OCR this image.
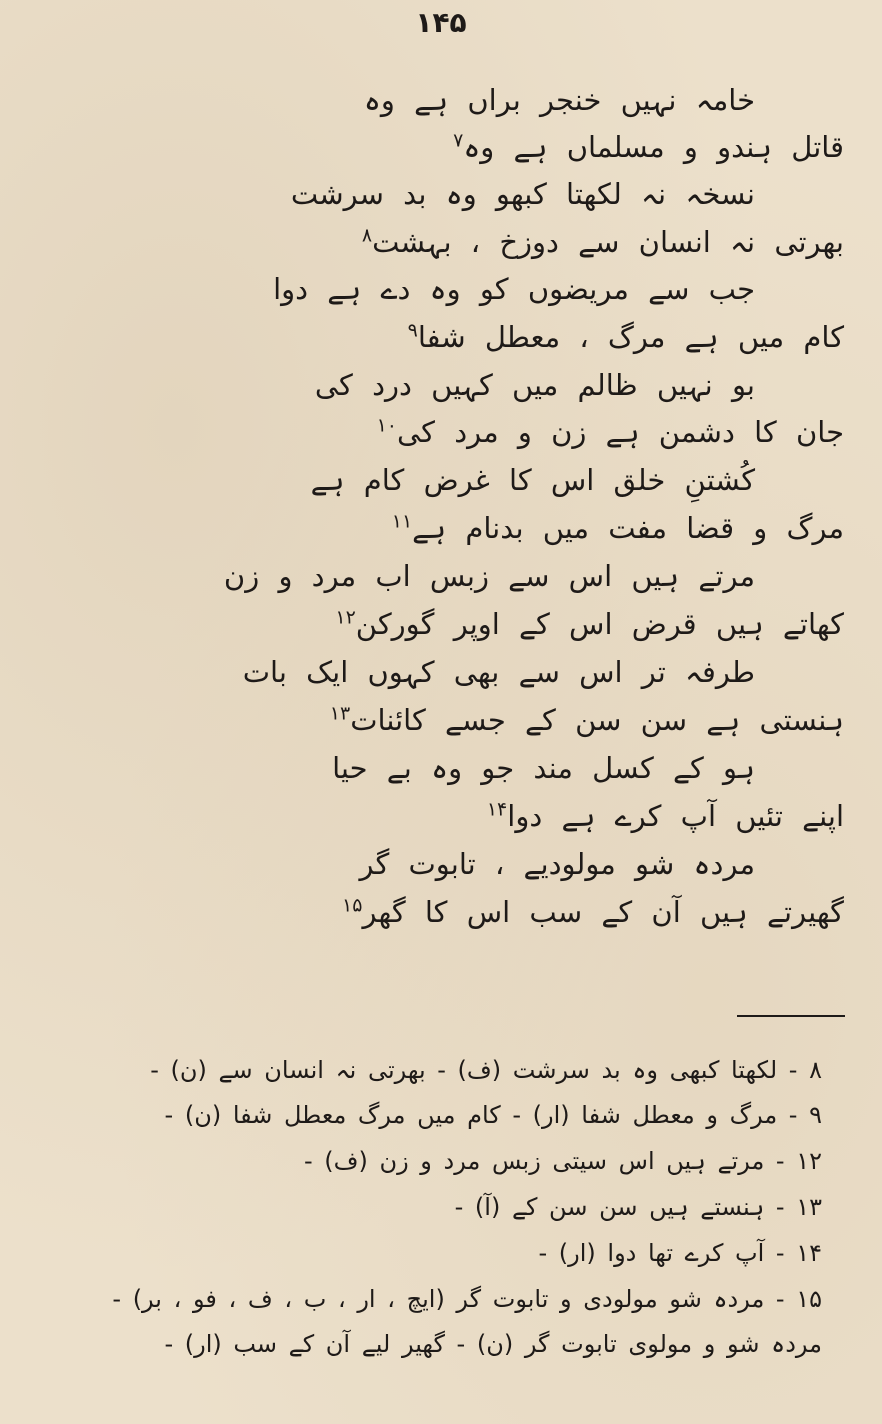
۱۴۵
خامہ نہیں خنجر براں ہے وہ
قاتل ہندو و مسلماں ہے وہ$^۷$
نسخہ نہ لکھتا کبھو وہ بد سرشت
بھرتی نہ انسان سے دوزخ ، بہشت$^۸$
جب سے مریضوں کو وہ دے ہے دوا
کام میں ہے مرگ ، معطل شفا$^۹$
بو نہیں ظالم میں کہیں درد کی
جان کا دشمن ہے زن و مرد کی$^{۱۰}$
کُشتنِ خلق اس کا غرض کام ہے
مرگ و قضا مفت میں بدنام ہے$^{۱۱}$
مرتے ہیں اس سے زبس اب مرد و زن
کھاتے ہیں قرض اس کے اوپر گورکن$^{۱۲}$
طرفہ تر اس سے بھی کہوں ایک بات
ہنستی ہے سن سن کے جسے کائنات$^{۱۳}$
ہو کے کسل مند جو وہ بے حیا
اپنے تئیں آپ کرے ہے دوا$^{۱۴}$
مردہ شو مولودیے ، تابوت گر
گھیرتے ہیں آن کے سب اس کا گھر$^{۱۵}$
۸ - لکھتا کبھی وہ بد سرشت (ف) - بھرتی نہ انسان سے (ن) -
۹ - مرگ و معطل شفا (ار) - کام میں مرگ معطل شفا (ن) -
۱۲ - مرتے ہیں اس سیتی زبس مرد و زن (ف) -
۱۳ - ہنستے ہیں سن سن کے (آ) -
۱۴ - آپ کرے تھا دوا (ار) -
۱۵ - مردہ شو مولودی و تابوت گر (ایچ ، ار ، ب ، ف ، فو ، بر) -
مردہ شو و مولوی تابوت گر (ن) - گھیر لیے آن کے سب (ار) -
